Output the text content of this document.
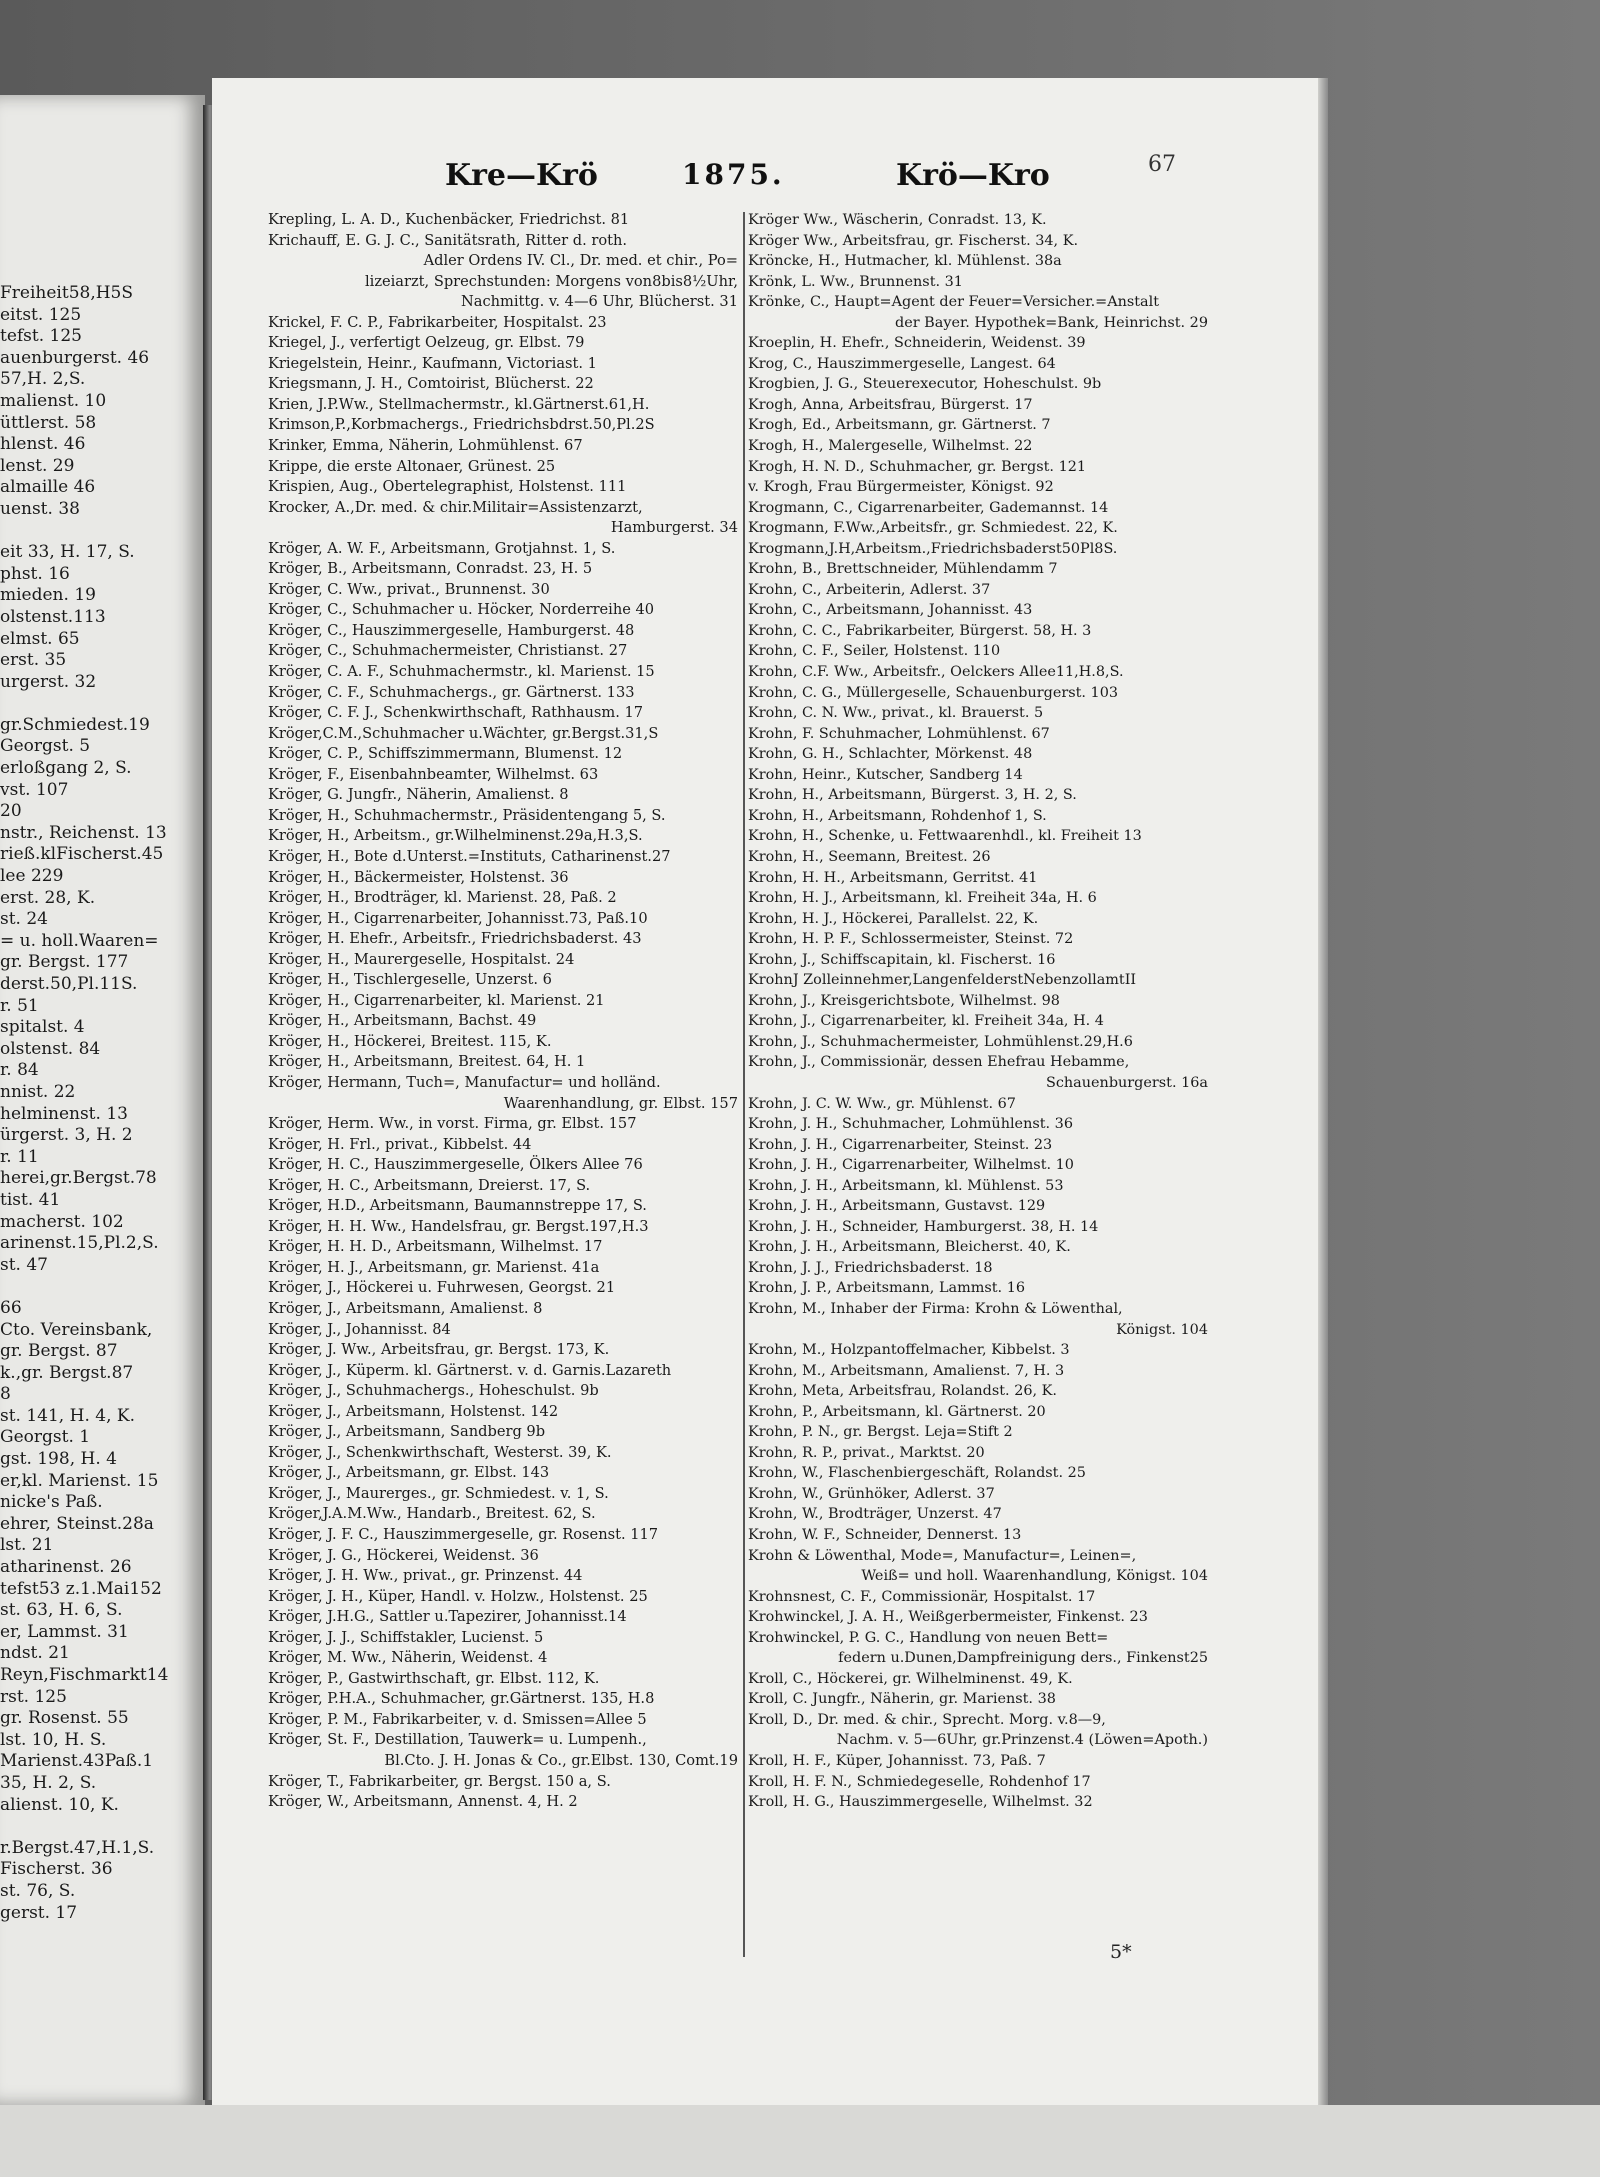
Freiheit58,H5S
eitst. 125
tefst. 125
auenburgerst. 46
57,H. 2,S.
malienst. 10
üttlerst. 58
hlenst. 46
lenst. 29
almaille 46
uenst. 38
eit 33, H. 17, S.
phst. 16
mieden. 19
olstenst.113
elmst. 65
erst. 35
urgerst. 32
gr.Schmiedest.19
Georgst. 5
erloßgang 2, S.
vst. 107
20
nstr., Reichenst. 13
rieß.klFischerst.45
lee 229
erst. 28, K.
st. 24
= u. holl.Waaren=
gr. Bergst. 177
derst.50,Pl.11S.
r. 51
spitalst. 4
olstenst. 84
r. 84
nnist. 22
helminenst. 13
ürgerst. 3, H. 2
r. 11
herei,gr.Bergst.78
tist. 41
macherst. 102
arinenst.15,Pl.2,S.
st. 47
66
Cto. Vereinsbank,
gr. Bergst. 87
k.,gr. Bergst.87
8
st. 141, H. 4, K.
Georgst. 1
gst. 198, H. 4
er,kl. Marienst. 15
nicke's Paß.
ehrer, Steinst.28a
lst. 21
atharinenst. 26
tefst53 z.1.Mai152
st. 63, H. 6, S.
er, Lammst. 31
ndst. 21
Reyn,Fischmarkt14
rst. 125
gr. Rosenst. 55
lst. 10, H. S.
Marienst.43Paß.1
35, H. 2, S.
alienst. 10, K.
r.Bergst.47,H.1,S.
Fischerst. 36
st. 76, S.
gerst. 17
Kre—Krö	1875.	Krö—Kro	67
Krepling, L. A. D., Kuchenbäcker, Friedrichst. 81
Krichauff, E. G. J. C., Sanitätsrath, Ritter d. roth.
Adler Ordens IV. Cl., Dr. med. et chir., Po=
lizeiarzt, Sprechstunden: Morgens von8bis8½Uhr,
Nachmittg. v. 4—6 Uhr, Blücherst. 31
Krickel, F. C. P., Fabrikarbeiter, Hospitalst. 23
Kriegel, J., verfertigt Oelzeug, gr. Elbst. 79
Kriegelstein, Heinr., Kaufmann, Victoriast. 1
Kriegsmann, J. H., Comtoirist, Blücherst. 22
Krien, J.P.Ww., Stellmachermstr., kl.Gärtnerst.61,H.
Krimson,P.,Korbmachergs., Friedrichsbdrst.50,Pl.2S
Krinker, Emma, Näherin, Lohmühlenst. 67
Krippe, die erste Altonaer, Grünest. 25
Krispien, Aug., Obertelegraphist, Holstenst. 111
Krocker, A.,Dr. med. & chir.Militair=Assistenzarzt,
Hamburgerst. 34
Kröger, A. W. F., Arbeitsmann, Grotjahnst. 1, S.
Kröger, B., Arbeitsmann, Conradst. 23, H. 5
Kröger, C. Ww., privat., Brunnenst. 30
Kröger, C., Schuhmacher u. Höcker, Norderreihe 40
Kröger, C., Hauszimmergeselle, Hamburgerst. 48
Kröger, C., Schuhmachermeister, Christianst. 27
Kröger, C. A. F., Schuhmachermstr., kl. Marienst. 15
Kröger, C. F., Schuhmachergs., gr. Gärtnerst. 133
Kröger, C. F. J., Schenkwirthschaft, Rathhausm. 17
Kröger,C.M.,Schuhmacher u.Wächter, gr.Bergst.31,S
Kröger, C. P., Schiffszimmermann, Blumenst. 12
Kröger, F., Eisenbahnbeamter, Wilhelmst. 63
Kröger, G. Jungfr., Näherin, Amalienst. 8
Kröger, H., Schuhmachermstr., Präsidentengang 5, S.
Kröger, H., Arbeitsm., gr.Wilhelminenst.29a,H.3,S.
Kröger, H., Bote d.Unterst.=Instituts, Catharinenst.27
Kröger, H., Bäckermeister, Holstenst. 36
Kröger, H., Brodträger, kl. Marienst. 28, Paß. 2
Kröger, H., Cigarrenarbeiter, Johannisst.73, Paß.10
Kröger, H. Ehefr., Arbeitsfr., Friedrichsbaderst. 43
Kröger, H., Maurergeselle, Hospitalst. 24
Kröger, H., Tischlergeselle, Unzerst. 6
Kröger, H., Cigarrenarbeiter, kl. Marienst. 21
Kröger, H., Arbeitsmann, Bachst. 49
Kröger, H., Höckerei, Breitest. 115, K.
Kröger, H., Arbeitsmann, Breitest. 64, H. 1
Kröger, Hermann, Tuch=, Manufactur= und holländ.
Waarenhandlung, gr. Elbst. 157
Kröger, Herm. Ww., in vorst. Firma, gr. Elbst. 157
Kröger, H. Frl., privat., Kibbelst. 44
Kröger, H. C., Hauszimmergeselle, Ölkers Allee 76
Kröger, H. C., Arbeitsmann, Dreierst. 17, S.
Kröger, H.D., Arbeitsmann, Baumannstreppe 17, S.
Kröger, H. H. Ww., Handelsfrau, gr. Bergst.197,H.3
Kröger, H. H. D., Arbeitsmann, Wilhelmst. 17
Kröger, H. J., Arbeitsmann, gr. Marienst. 41a
Kröger, J., Höckerei u. Fuhrwesen, Georgst. 21
Kröger, J., Arbeitsmann, Amalienst. 8
Kröger, J., Johannisst. 84
Kröger, J. Ww., Arbeitsfrau, gr. Bergst. 173, K.
Kröger, J., Küperm. kl. Gärtnerst. v. d. Garnis.Lazareth
Kröger, J., Schuhmachergs., Hoheschulst. 9b
Kröger, J., Arbeitsmann, Holstenst. 142
Kröger, J., Arbeitsmann, Sandberg 9b
Kröger, J., Schenkwirthschaft, Westerst. 39, K.
Kröger, J., Arbeitsmann, gr. Elbst. 143
Kröger, J., Maurerges., gr. Schmiedest. v. 1, S.
Kröger,J.A.M.Ww., Handarb., Breitest. 62, S.
Kröger, J. F. C., Hauszimmergeselle, gr. Rosenst. 117
Kröger, J. G., Höckerei, Weidenst. 36
Kröger, J. H. Ww., privat., gr. Prinzenst. 44
Kröger, J. H., Küper, Handl. v. Holzw., Holstenst. 25
Kröger, J.H.G., Sattler u.Tapezirer, Johannisst.14
Kröger, J. J., Schiffstakler, Lucienst. 5
Kröger, M. Ww., Näherin, Weidenst. 4
Kröger, P., Gastwirthschaft, gr. Elbst. 112, K.
Kröger, P.H.A., Schuhmacher, gr.Gärtnerst. 135, H.8
Kröger, P. M., Fabrikarbeiter, v. d. Smissen=Allee 5
Kröger, St. F., Destillation, Tauwerk= u. Lumpenh.,
Bl.Cto. J. H. Jonas & Co., gr.Elbst. 130, Comt.19
Kröger, T., Fabrikarbeiter, gr. Bergst. 150 a, S.
Kröger, W., Arbeitsmann, Annenst. 4, H. 2
Kröger Ww., Wäscherin, Conradst. 13, K.
Kröger Ww., Arbeitsfrau, gr. Fischerst. 34, K.
Kröncke, H., Hutmacher, kl. Mühlenst. 38a
Krönk, L. Ww., Brunnenst. 31
Krönke, C., Haupt=Agent der Feuer=Versicher.=Anstalt
der Bayer. Hypothek=Bank, Heinrichst. 29
Kroeplin, H. Ehefr., Schneiderin, Weidenst. 39
Krog, C., Hauszimmergeselle, Langest. 64
Krogbien, J. G., Steuerexecutor, Hoheschulst. 9b
Krogh, Anna, Arbeitsfrau, Bürgerst. 17
Krogh, Ed., Arbeitsmann, gr. Gärtnerst. 7
Krogh, H., Malergeselle, Wilhelmst. 22
Krogh, H. N. D., Schuhmacher, gr. Bergst. 121
v. Krogh, Frau Bürgermeister, Königst. 92
Krogmann, C., Cigarrenarbeiter, Gademannst. 14
Krogmann, F.Ww.,Arbeitsfr., gr. Schmiedest. 22, K.
Krogmann,J.H,Arbeitsm.,Friedrichsbaderst50Pl8S.
Krohn, B., Brettschneider, Mühlendamm 7
Krohn, C., Arbeiterin, Adlerst. 37
Krohn, C., Arbeitsmann, Johannisst. 43
Krohn, C. C., Fabrikarbeiter, Bürgerst. 58, H. 3
Krohn, C. F., Seiler, Holstenst. 110
Krohn, C.F. Ww., Arbeitsfr., Oelckers Allee11,H.8,S.
Krohn, C. G., Müllergeselle, Schauenburgerst. 103
Krohn, C. N. Ww., privat., kl. Brauerst. 5
Krohn, F. Schuhmacher, Lohmühlenst. 67
Krohn, G. H., Schlachter, Mörkenst. 48
Krohn, Heinr., Kutscher, Sandberg 14
Krohn, H., Arbeitsmann, Bürgerst. 3, H. 2, S.
Krohn, H., Arbeitsmann, Rohdenhof 1, S.
Krohn, H., Schenke, u. Fettwaarenhdl., kl. Freiheit 13
Krohn, H., Seemann, Breitest. 26
Krohn, H. H., Arbeitsmann, Gerritst. 41
Krohn, H. J., Arbeitsmann, kl. Freiheit 34a, H. 6
Krohn, H. J., Höckerei, Parallelst. 22, K.
Krohn, H. P. F., Schlossermeister, Steinst. 72
Krohn, J., Schiffscapitain, kl. Fischerst. 16
KrohnJ Zolleinnehmer,LangenfelderstNebenzollamtII
Krohn, J., Kreisgerichtsbote, Wilhelmst. 98
Krohn, J., Cigarrenarbeiter, kl. Freiheit 34a, H. 4
Krohn, J., Schuhmachermeister, Lohmühlenst.29,H.6
Krohn, J., Commissionär, dessen Ehefrau Hebamme,
Schauenburgerst. 16a
Krohn, J. C. W. Ww., gr. Mühlenst. 67
Krohn, J. H., Schuhmacher, Lohmühlenst. 36
Krohn, J. H., Cigarrenarbeiter, Steinst. 23
Krohn, J. H., Cigarrenarbeiter, Wilhelmst. 10
Krohn, J. H., Arbeitsmann, kl. Mühlenst. 53
Krohn, J. H., Arbeitsmann, Gustavst. 129
Krohn, J. H., Schneider, Hamburgerst. 38, H. 14
Krohn, J. H., Arbeitsmann, Bleicherst. 40, K.
Krohn, J. J., Friedrichsbaderst. 18
Krohn, J. P., Arbeitsmann, Lammst. 16
Krohn, M., Inhaber der Firma: Krohn & Löwenthal,
Königst. 104
Krohn, M., Holzpantoffelmacher, Kibbelst. 3
Krohn, M., Arbeitsmann, Amalienst. 7, H. 3
Krohn, Meta, Arbeitsfrau, Rolandst. 26, K.
Krohn, P., Arbeitsmann, kl. Gärtnerst. 20
Krohn, P. N., gr. Bergst. Leja=Stift 2
Krohn, R. P., privat., Marktst. 20
Krohn, W., Flaschenbiergeschäft, Rolandst. 25
Krohn, W., Grünhöker, Adlerst. 37
Krohn, W., Brodträger, Unzerst. 47
Krohn, W. F., Schneider, Dennerst. 13
Krohn & Löwenthal, Mode=, Manufactur=, Leinen=,
Weiß= und holl. Waarenhandlung, Königst. 104
Krohnsnest, C. F., Commissionär, Hospitalst. 17
Krohwinckel, J. A. H., Weißgerbermeister, Finkenst. 23
Krohwinckel, P. G. C., Handlung von neuen Bett=
federn u.Dunen,Dampfreinigung ders., Finkenst25
Kroll, C., Höckerei, gr. Wilhelminenst. 49, K.
Kroll, C. Jungfr., Näherin, gr. Marienst. 38
Kroll, D., Dr. med. & chir., Sprecht. Morg. v.8—9,
Nachm. v. 5—6Uhr, gr.Prinzenst.4 (Löwen=Apoth.)
Kroll, H. F., Küper, Johannisst. 73, Paß. 7
Kroll, H. F. N., Schmiedegeselle, Rohdenhof 17
Kroll, H. G., Hauszimmergeselle, Wilhelmst. 32
5*
